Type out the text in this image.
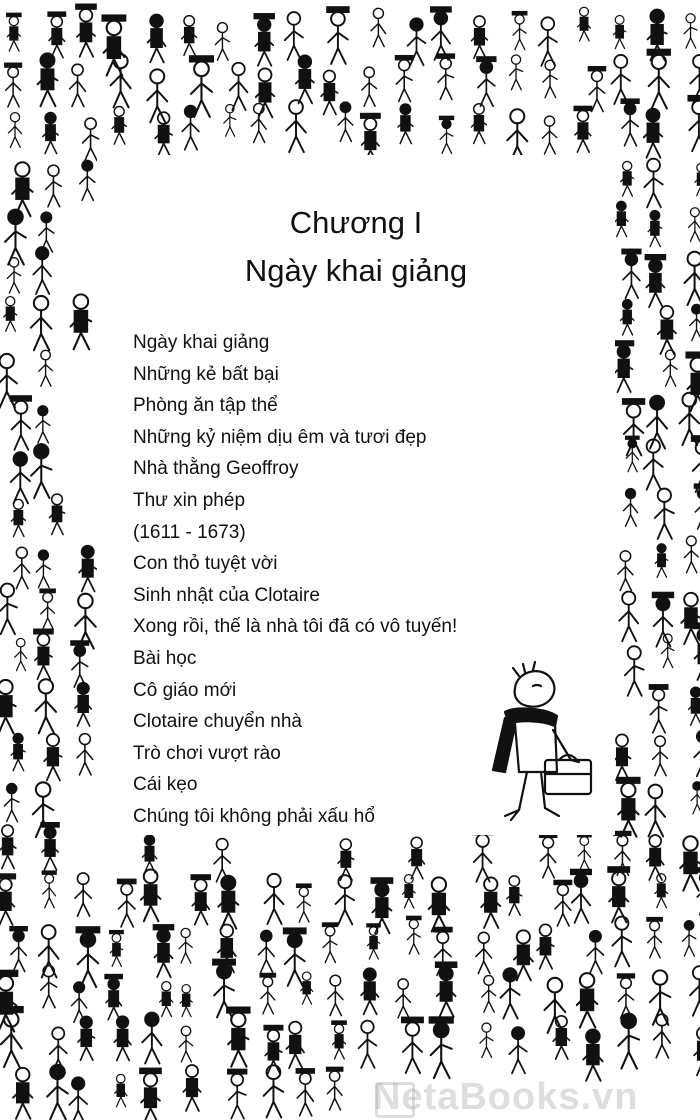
Chương I
Ngày khai giảng
Ngày khai giảng
Những kẻ bất bại
Phòng ăn tập thể
Những kỷ niệm dịu êm và tươi đẹp
Nhà thằng Geoffroy
Thư xin phép
(1611 - 1673)
Con thỏ tuyệt vời
Sinh nhật của Clotaire
Xong rồi, thế là nhà tôi đã có vô tuyến!
Bài học
Cô giáo mới
Clotaire chuyển nhà
Trò chơi vượt rào
Cái kẹo
Chúng tôi không phải xấu hổ
NetaBooks.vn
